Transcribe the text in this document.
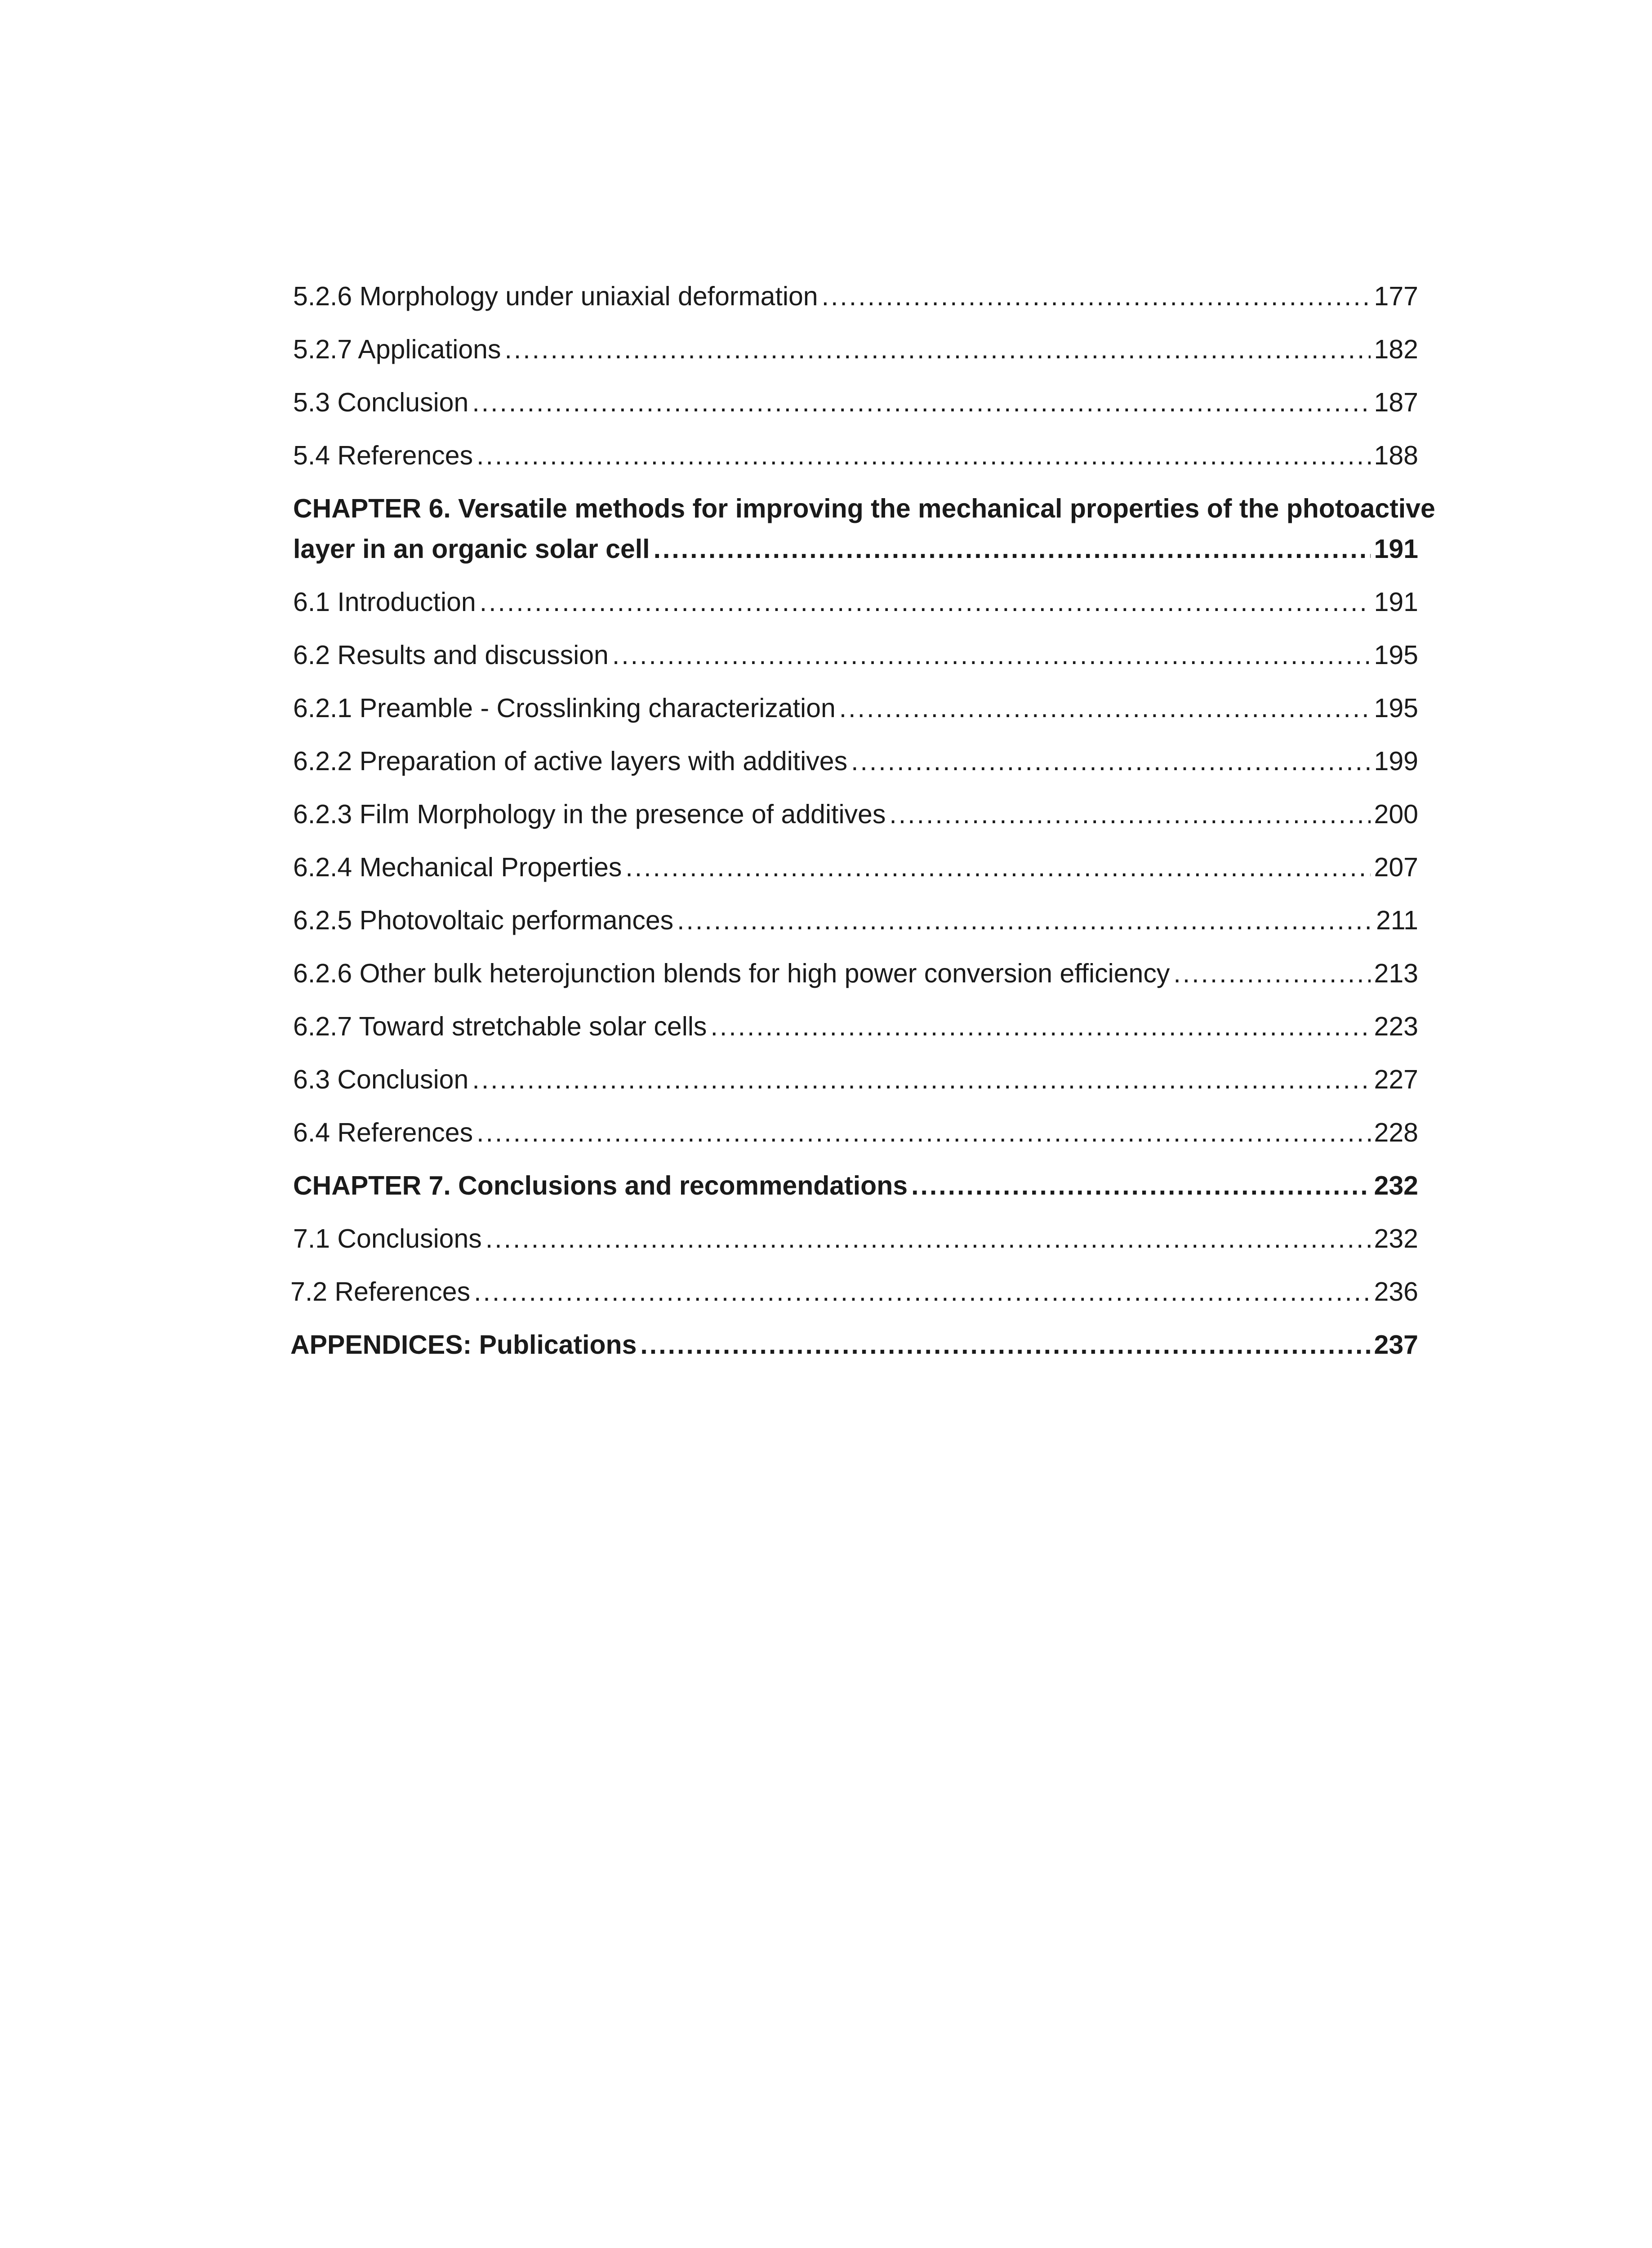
5.2.6 Morphology under uniaxial deformation .....	177
5.2.7 Applications .....	182
5.3 Conclusion .....	187
5.4 References .....	188
CHAPTER 6. Versatile methods for improving the mechanical properties of the photoactive
layer in an organic solar cell .....	191
6.1 Introduction .....	191
6.2 Results and discussion .....	195
6.2.1 Preamble - Crosslinking characterization .....	195
6.2.2 Preparation of active layers with additives .....	199
6.2.3 Film Morphology in the presence of additives .....	200
6.2.4 Mechanical Properties .....	207
6.2.5 Photovoltaic performances .....	211
6.2.6 Other bulk heterojunction blends for high power conversion efficiency .....	213
6.2.7 Toward stretchable solar cells .....	223
6.3 Conclusion .....	227
6.4 References .....	228
CHAPTER 7. Conclusions and recommendations .....	232
7.1 Conclusions .....	232
7.2 References .....	236
APPENDICES: Publications .....	237
